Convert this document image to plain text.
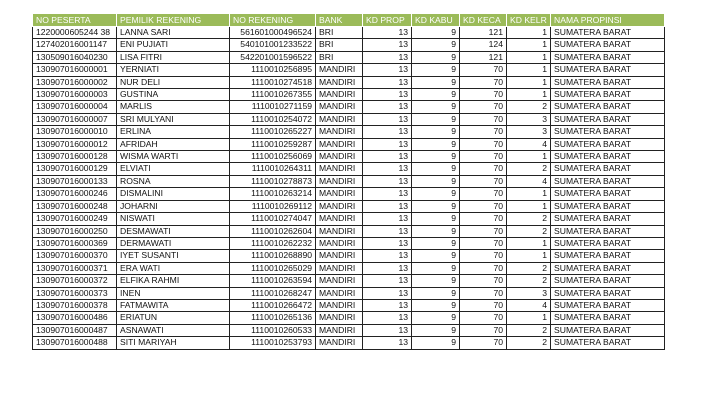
NO PESERTA	PEMILIK REKENING	NO REKENING	BANK	KD PROP	KD KABU	KD KECA	KD KELR	NAMA PROPINSI
1220000605244 38	LANNA SARI	561601000496524	BRI	13	9	121	1	SUMATERA BARAT
127402016001147	ENI PUJIATI	540101001233522	BRI	13	9	124	1	SUMATERA BARAT
130509016040230	LISA FITRI	542201001596522	BRI	13	9	121	1	SUMATERA BARAT
130907016000001	YERNIATI	1110010256895	MANDIRI	13	9	70	1	SUMATERA BARAT
130907016000002	NUR DELI	1110010274518	MANDIRI	13	9	70	1	SUMATERA BARAT
130907016000003	GUSTINA	1110010267355	MANDIRI	13	9	70	1	SUMATERA BARAT
130907016000004	MARLIS	1110010271159	MANDIRI	13	9	70	2	SUMATERA BARAT
130907016000007	SRI MULYANI	1110010254072	MANDIRI	13	9	70	3	SUMATERA BARAT
130907016000010	ERLINA	1110010265227	MANDIRI	13	9	70	3	SUMATERA BARAT
130907016000012	AFRIDAH	1110010259287	MANDIRI	13	9	70	4	SUMATERA BARAT
130907016000128	WISMA WARTI	1110010256069	MANDIRI	13	9	70	1	SUMATERA BARAT
130907016000129	ELVIATI	1110010264311	MANDIRI	13	9	70	2	SUMATERA BARAT
130907016000133	ROSNA	1110010278873	MANDIRI	13	9	70	4	SUMATERA BARAT
130907016000246	DISMALINI	1110010263214	MANDIRI	13	9	70	1	SUMATERA BARAT
130907016000248	JOHARNI	1110010269112	MANDIRI	13	9	70	1	SUMATERA BARAT
130907016000249	NISWATI	1110010274047	MANDIRI	13	9	70	2	SUMATERA BARAT
130907016000250	DESMAWATI	1110010262604	MANDIRI	13	9	70	2	SUMATERA BARAT
130907016000369	DERMAWATI	1110010262232	MANDIRI	13	9	70	1	SUMATERA BARAT
130907016000370	IYET SUSANTI	1110010268890	MANDIRI	13	9	70	1	SUMATERA BARAT
130907016000371	ERA WATI	1110010265029	MANDIRI	13	9	70	2	SUMATERA BARAT
130907016000372	ELFIKA RAHMI	1110010263594	MANDIRI	13	9	70	2	SUMATERA BARAT
130907016000373	INEN	1110010268247	MANDIRI	13	9	70	3	SUMATERA BARAT
130907016000378	FATMAWITA	1110010266472	MANDIRI	13	9	70	4	SUMATERA BARAT
130907016000486	ERIATUN	1110010265136	MANDIRI	13	9	70	1	SUMATERA BARAT
130907016000487	ASNAWATI	1110010260533	MANDIRI	13	9	70	2	SUMATERA BARAT
130907016000488	SITI MARIYAH	1110010253793	MANDIRI	13	9	70	2	SUMATERA BARAT
